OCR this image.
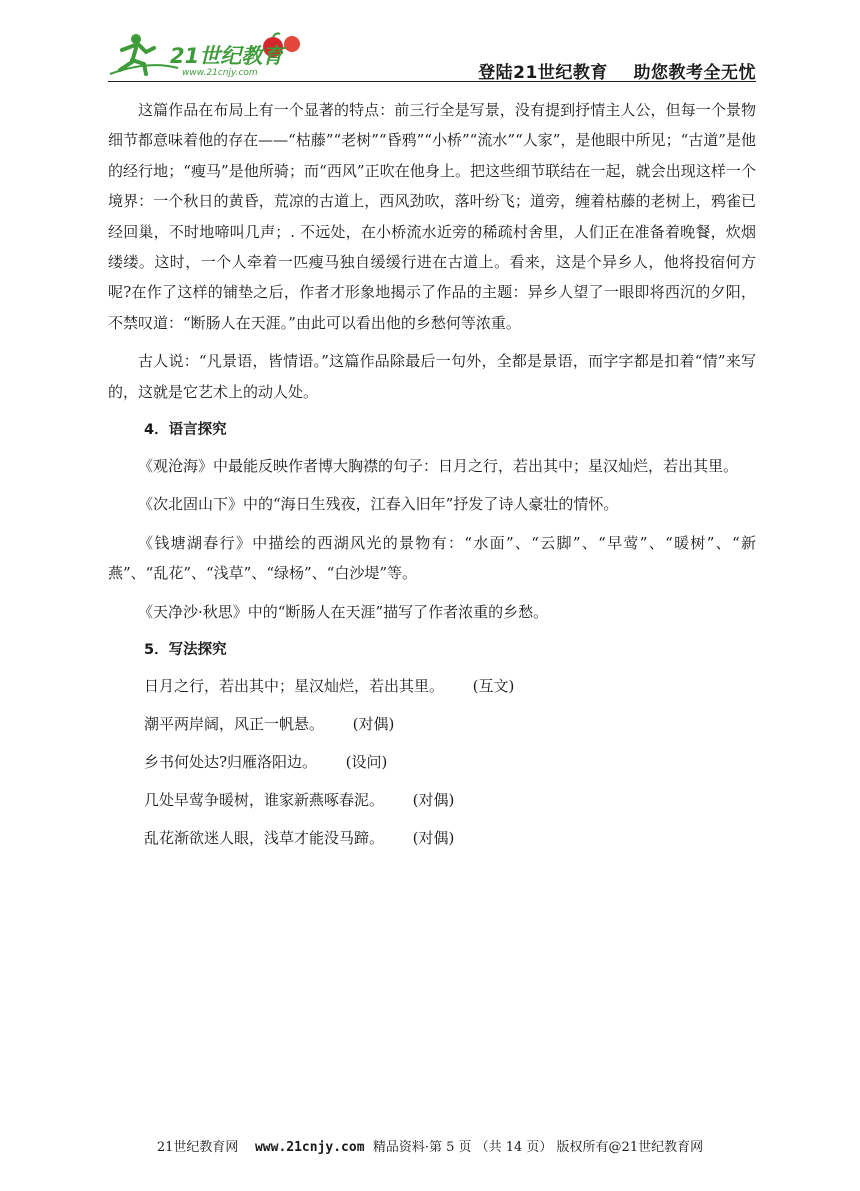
21世纪教育
www.21cnjy.com	登陆21世纪教育    助您教考全无忧

这篇作品在布局上有一个显著的特点：前三行全是写景，没有提到抒情主人公，但每一个景物细节都意味着他的存在——“枯藤”“老树”“昏鸦”“小桥”“流水”“人家”，是他眼中所见；“古道”是他的经行地；“瘦马”是他所骑；而“西风”正吹在他身上。把这些细节联结在一起，就会出现这样一个境界：一个秋日的黄昏，荒凉的古道上，西风劲吹，落叶纷飞；道旁，缠着枯藤的老树上，鸦雀已经回巢，不时地啼叫几声；. 不远处，在小桥流水近旁的稀疏村舍里，人们正在准备着晚餐，炊烟缕缕。这时，一个人牵着一匹瘦马独自缓缓行进在古道上。看来，这是个异乡人，他将投宿何方呢?在作了这样的铺垫之后，作者才形象地揭示了作品的主题：异乡人望了一眼即将西沉的夕阳，不禁叹道：“断肠人在天涯。”由此可以看出他的乡愁何等浓重。

古人说：“凡景语，皆情语。”这篇作品除最后一句外，全都是景语，而字字都是扣着“情”来写的，这就是它艺术上的动人处。

4．语言探究

《观沧海》中最能反映作者博大胸襟的句子：日月之行，若出其中；星汉灿烂，若出其里。

《次北固山下》中的“海日生残夜，江春入旧年”抒发了诗人豪壮的情怀。

《钱塘湖春行》中描绘的西湖风光的景物有：“水面”、“云脚”、“早莺”、“暖树”、“新燕”、“乱花”、“浅草”、“绿杨”、“白沙堤”等。

《天净沙·秋思》中的“断肠人在天涯”描写了作者浓重的乡愁。

5．写法探究
日月之行，若出其中；星汉灿烂，若出其里。 (互文)
潮平两岸阔，风正一帆悬。 (对偶)
乡书何处达?归雁洛阳边。 (设问)
几处早莺争暖树，谁家新燕啄春泥。 (对偶)
乱花渐欲迷人眼，浅草才能没马蹄。 (对偶)
21世纪教育网 www.21cnjy.com 精品资料·第 5 页 （共 14 页） 版权所有@21世纪教育网
